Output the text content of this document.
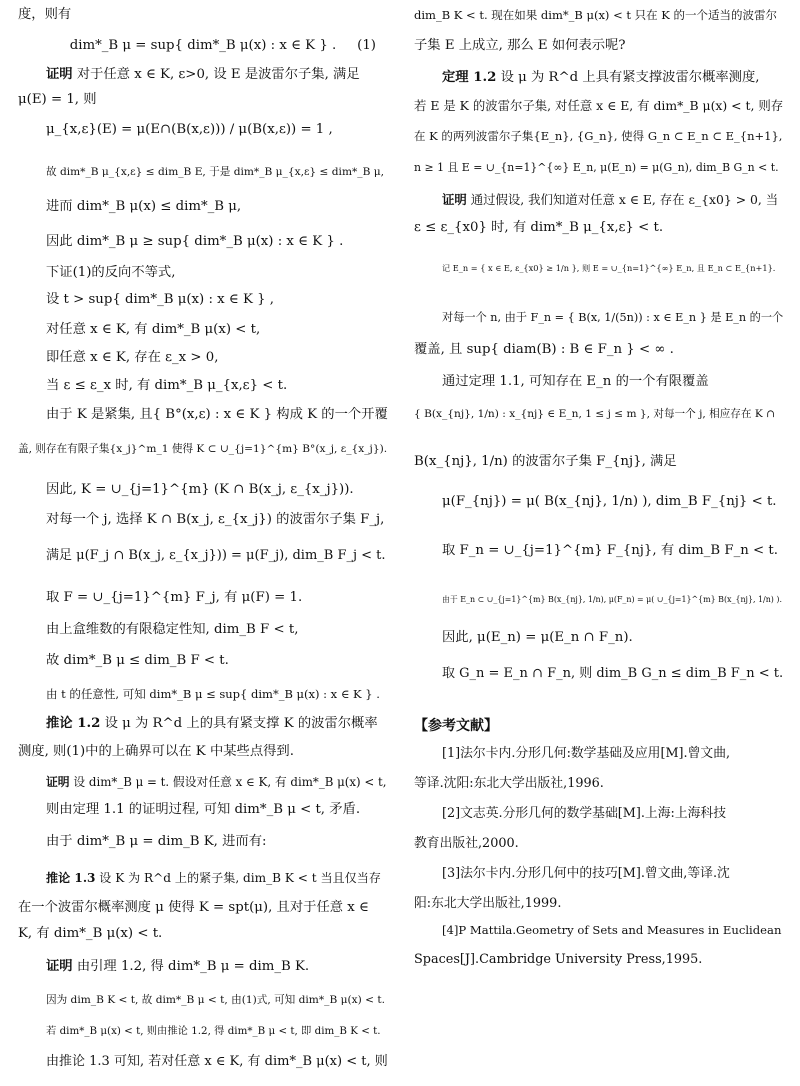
度，则有
dim*_B μ = sup{ dim*_B μ(x) : x ∈ K } . (1)
证明 对于任意 x ∈ K, ε>0, 设 E 是波雷尔子集, 满足
μ(E) = 1, 则
μ_{x,ε}(E) = μ(E∩(B(x,ε))) / μ(B(x,ε)) = 1 ,
故 dim*_B μ_{x,ε} ≤ dim_B E, 于是 dim*_B μ_{x,ε} ≤ dim*_B μ,
进而 dim*_B μ(x) ≤ dim*_B μ,
因此 dim*_B μ ≥ sup{ dim*_B μ(x) : x ∈ K } .
下证(1)的反向不等式,
设 t > sup{ dim*_B μ(x) : x ∈ K } ,
对任意 x ∈ K, 有 dim*_B μ(x) < t,
即任意 x ∈ K, 存在 ε_x > 0,
当 ε ≤ ε_x 时, 有 dim*_B μ_{x,ε} < t.
由于 K 是紧集, 且{ B°(x,ε) : x ∈ K } 构成 K 的一个开覆
盖, 则存在有限子集{x_j}^m_1 使得 K ⊂ ∪_{j=1}^{m} B°(x_j, ε_{x_j}).
因此, K = ∪_{j=1}^{m} (K ∩ B(x_j, ε_{x_j})).
对每一个 j, 选择 K ∩ B(x_j, ε_{x_j}) 的波雷尔子集 F_j,
满足 μ(F_j ∩ B(x_j, ε_{x_j})) = μ(F_j), dim_B F_j < t.
取 F = ∪_{j=1}^{m} F_j, 有 μ(F) = 1.
由上盒维数的有限稳定性知, dim_B F < t,
故 dim*_B μ ≤ dim_B F < t.
由 t 的任意性, 可知 dim*_B μ ≤ sup{ dim*_B μ(x) : x ∈ K } .
推论 1.2 设 μ 为 R^d 上的具有紧支撑 K 的波雷尔概率
测度, 则(1)中的上确界可以在 K 中某些点得到.
证明 设 dim*_B μ = t. 假设对任意 x ∈ K, 有 dim*_B μ(x) < t,
则由定理 1.1 的证明过程, 可知 dim*_B μ < t, 矛盾.
由于 dim*_B μ = dim_B K, 进而有:
推论 1.3 设 K 为 R^d 上的紧子集, dim_B K < t 当且仅当存
在一个波雷尔概率测度 μ 使得 K = spt(μ), 且对于任意 x ∈
K, 有 dim*_B μ(x) < t.
证明 由引理 1.2, 得 dim*_B μ = dim_B K.
因为 dim_B K < t, 故 dim*_B μ < t, 由(1)式, 可知 dim*_B μ(x) < t.
若 dim*_B μ(x) < t, 则由推论 1.2, 得 dim*_B μ < t, 即 dim_B K < t.
由推论 1.3 可知, 若对任意 x ∈ K, 有 dim*_B μ(x) < t, 则
dim_B K < t. 现在如果 dim*_B μ(x) < t 只在 K 的一个适当的波雷尔
子集 E 上成立, 那么 E 如何表示呢?
定理 1.2 设 μ 为 R^d 上具有紧支撑波雷尔概率测度,
若 E 是 K 的波雷尔子集, 对任意 x ∈ E, 有 dim*_B μ(x) < t, 则存
在 K 的两列波雷尔子集{E_n}, {G_n}, 使得 G_n ⊂ E_n ⊂ E_{n+1},
n ≥ 1 且 E = ∪_{n=1}^{∞} E_n, μ(E_n) = μ(G_n), dim_B G_n < t.
证明 通过假设, 我们知道对任意 x ∈ E, 存在 ε_{x0} > 0, 当
ε ≤ ε_{x0} 时, 有 dim*_B μ_{x,ε} < t.
记 E_n = { x ∈ E, ε_{x0} ≥ 1/n }, 则 E = ∪_{n=1}^{∞} E_n, 且 E_n ⊂ E_{n+1}.
对每一个 n, 由于 F_n = { B(x, 1/(5n)) : x ∈ E_n } 是 E_n 的一个
覆盖, 且 sup{ diam(B) : B ∈ F_n } < ∞ .
通过定理 1.1, 可知存在 E_n 的一个有限覆盖
{ B(x_{nj}, 1/n) : x_{nj} ∈ E_n, 1 ≤ j ≤ m }, 对每一个 j, 相应存在 K ∩
B(x_{nj}, 1/n) 的波雷尔子集 F_{nj}, 满足
μ(F_{nj}) = μ( B(x_{nj}, 1/n) ), dim_B F_{nj} < t.
取 F_n = ∪_{j=1}^{m} F_{nj}, 有 dim_B F_n < t.
由于 E_n ⊂ ∪_{j=1}^{m} B(x_{nj}, 1/n), μ(F_n) = μ( ∪_{j=1}^{m} B(x_{nj}, 1/n) ).
因此, μ(E_n) = μ(E_n ∩ F_n).
取 G_n = E_n ∩ F_n, 则 dim_B G_n ≤ dim_B F_n < t.
【参考文献】
[1]法尔卡内.分形几何:数学基础及应用[M].曾文曲,
等译.沈阳:东北大学出版社,1996.
[2]文志英.分形几何的数学基础[M].上海:上海科技
教育出版社,2000.
[3]法尔卡内.分形几何中的技巧[M].曾文曲,等译.沈
阳:东北大学出版社,1999.
[4]P Mattila.Geometry of Sets and Measures in Euclidean
Spaces[J].Cambridge University Press,1995.
